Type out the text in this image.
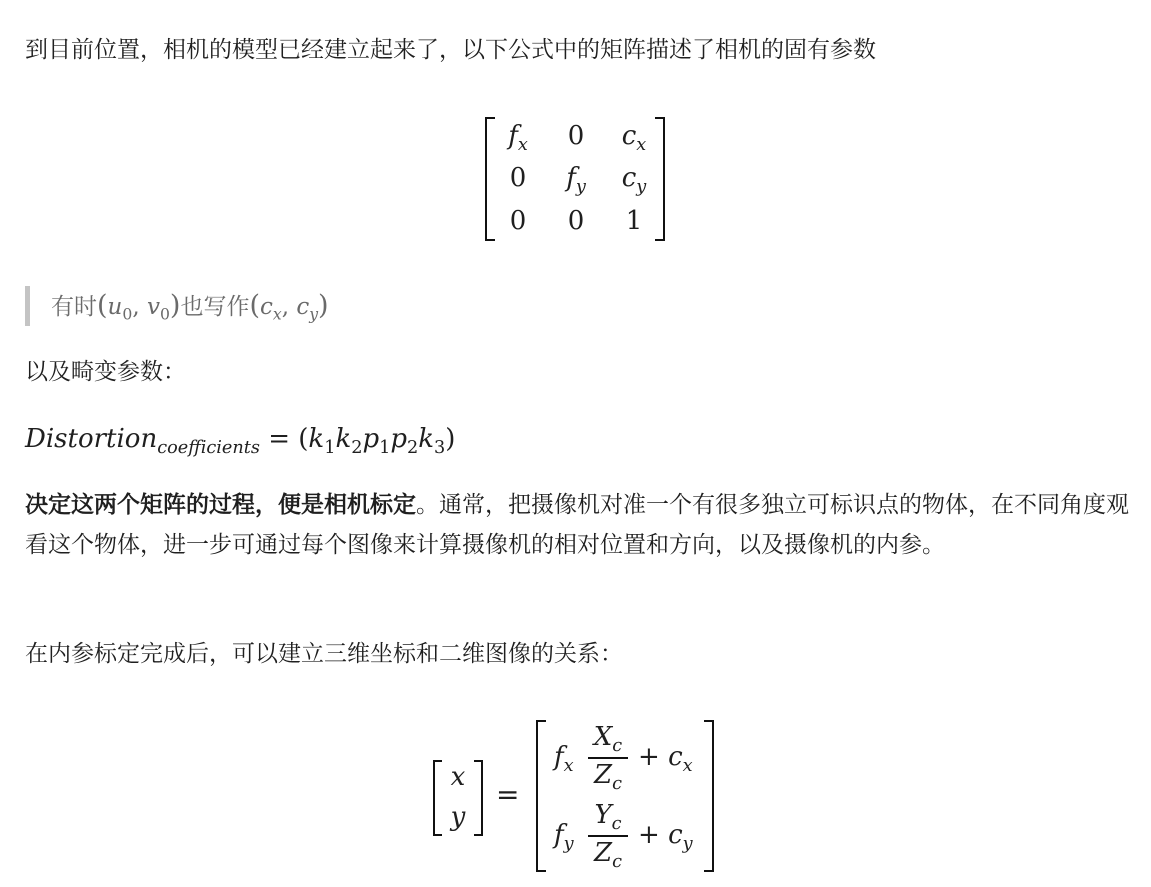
到目前位置，相机的模型已经建立起来了，以下公式中的矩阵描述了相机的固有参数

$f_x$	0	$c_x$
0	$f_y$	$c_y$
0	0	1
有时($u_0$, $v_0$)也写作($c_x$, $c_y$)

以及畸变参数：

Distortion$_{coefficients}$ = $(k_1k_2p_1p_2k_3)$

决定这两个矩阵的过程，便是相机标定。通常，把摄像机对准一个有很多独立可标识点的物体，在不同角度观看这个物体，进一步可通过每个图像来计算摄像机的相对位置和方向，以及摄像机的内参。

在内参标定完成后，可以建立三维坐标和二维图像的关系：

x
y
=
$f_x$
$X_c$
$Z_c$
+ $c_x$
$f_y$
$Y_c$
$Z_c$
+ $c_y$
